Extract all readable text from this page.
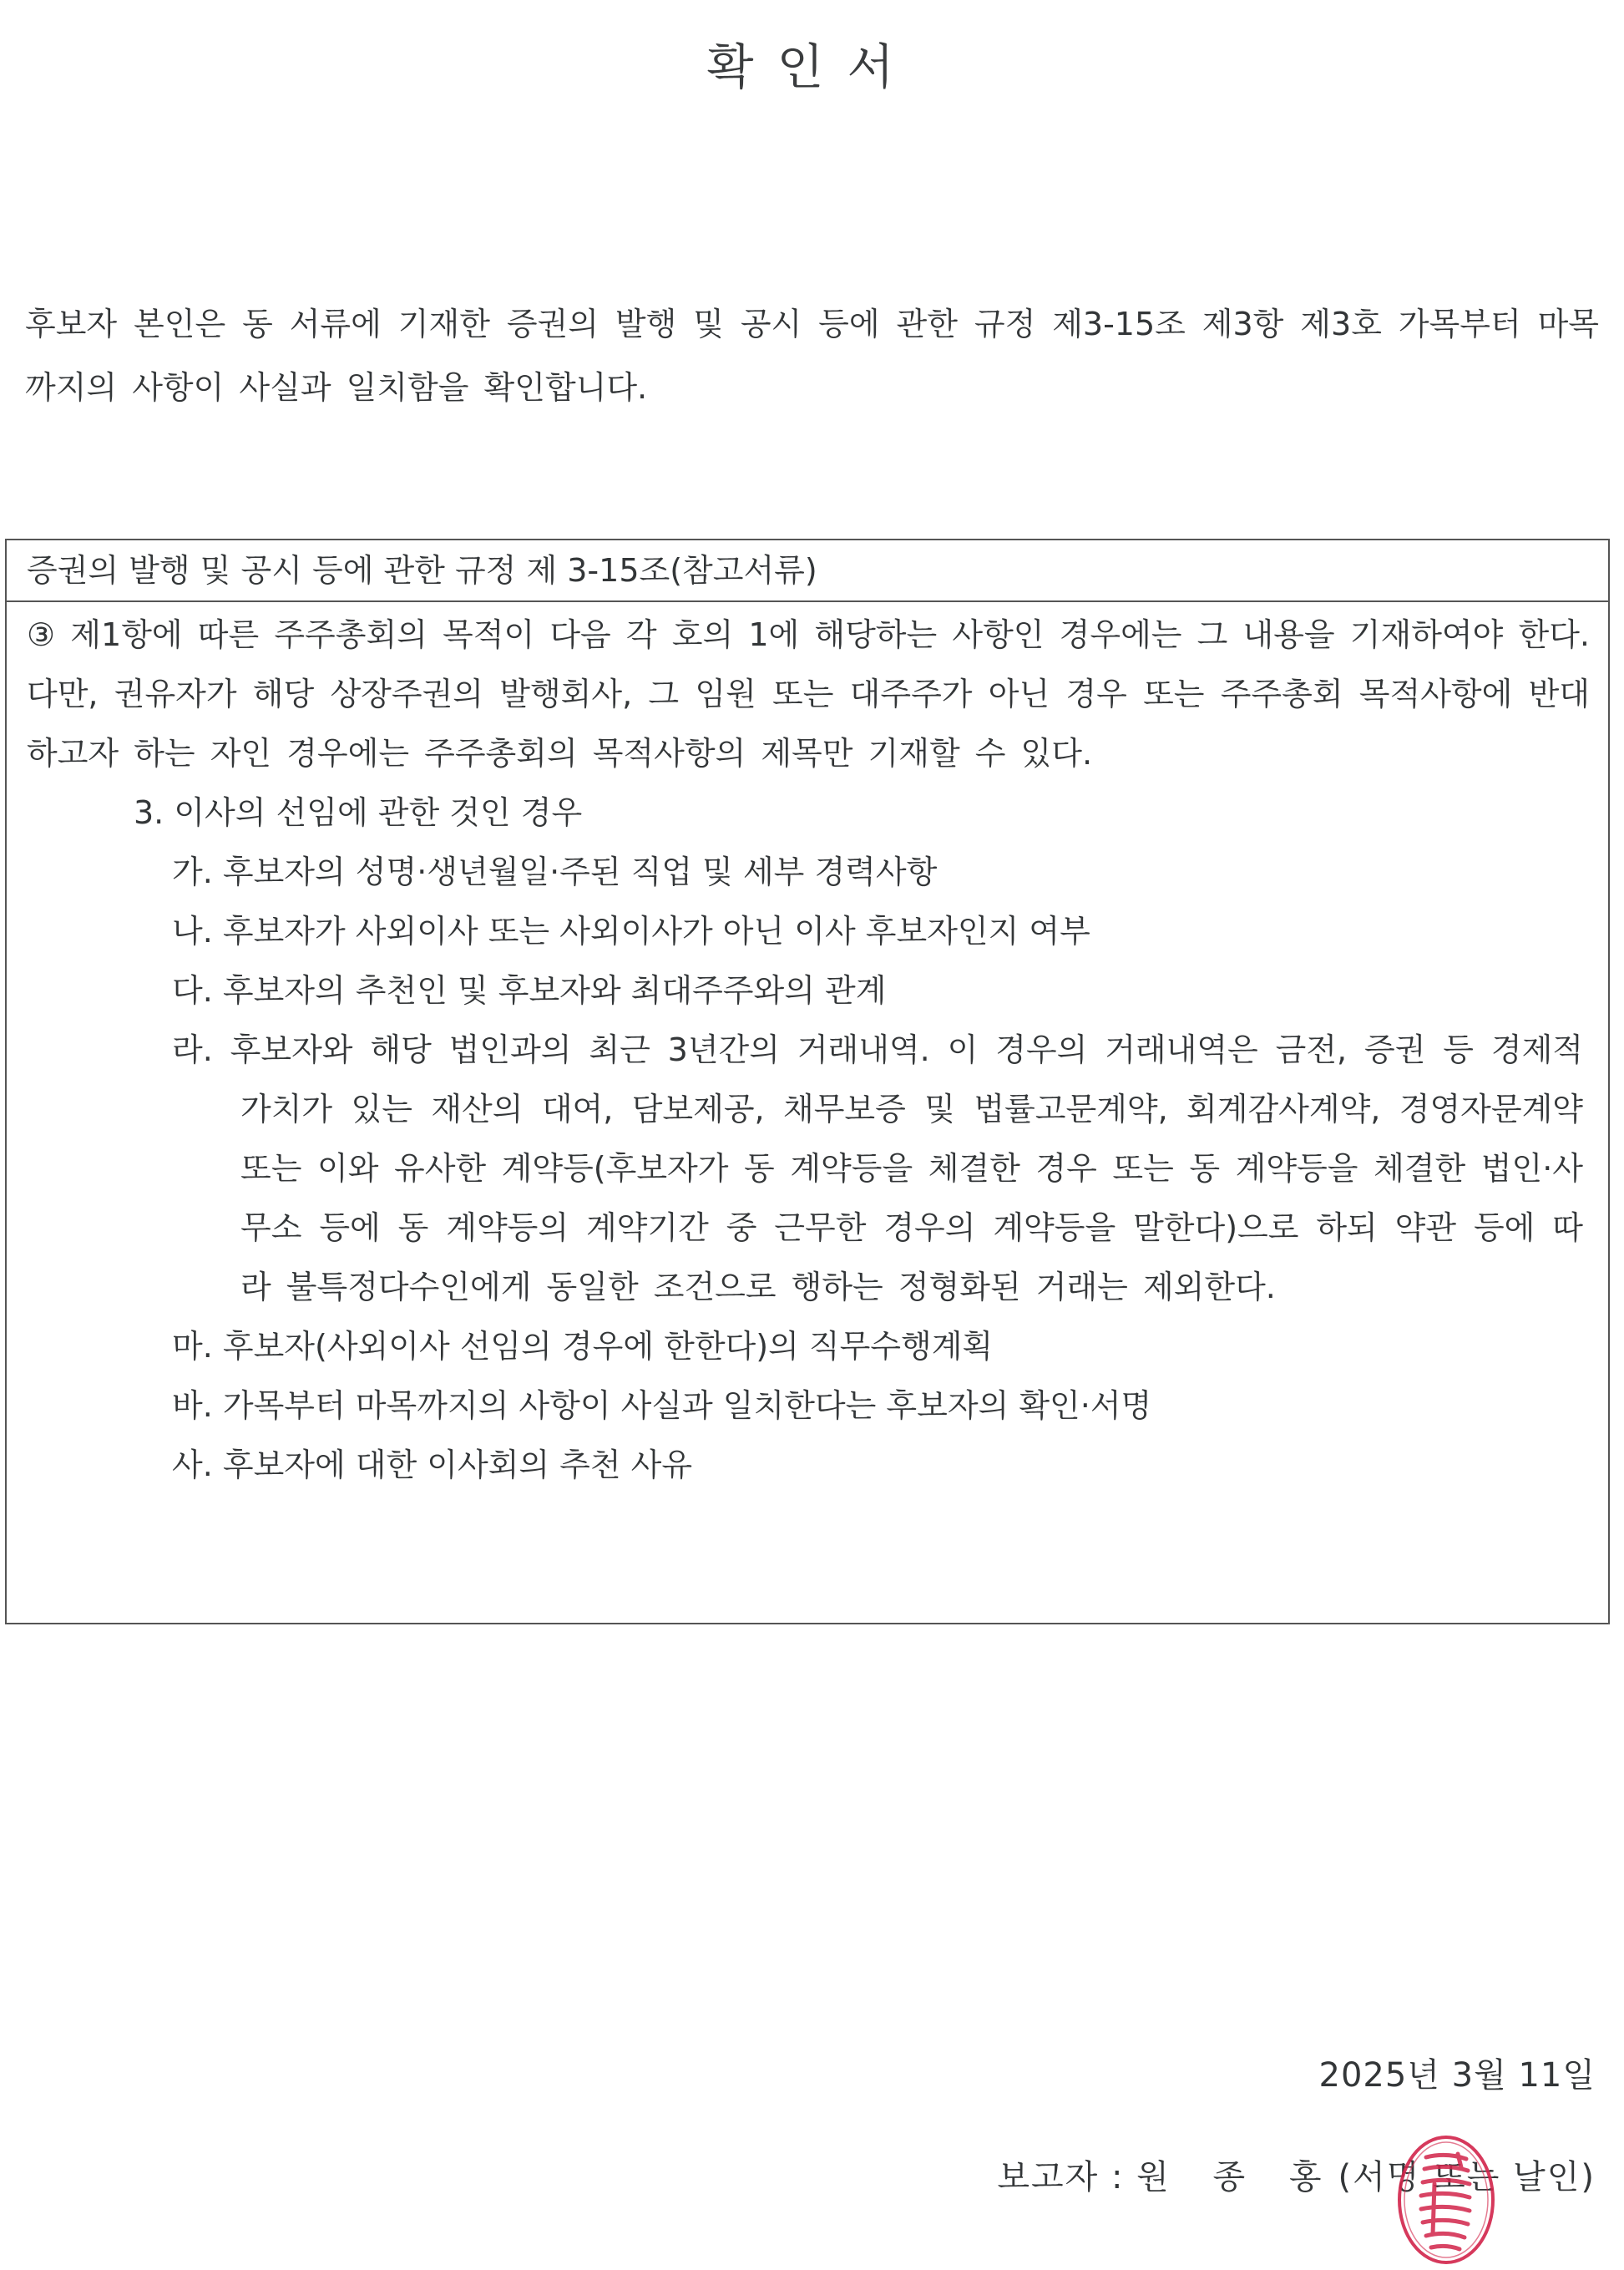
확인서

후보자 본인은 동 서류에 기재한 증권의 발행 및 공시 등에 관한 규정 제3-15조 제3항 제3호 가목부터 마목까지의 사항이 사실과 일치함을 확인합니다.

증권의 발행 및 공시 등에 관한 규정 제 3-15조(참고서류)

③ 제1항에 따른 주주총회의 목적이 다음 각 호의 1에 해당하는 사항인 경우에는 그 내용을 기재하여야 한다. 다만, 권유자가 해당 상장주권의 발행회사, 그 임원 또는 대주주가 아닌 경우 또는 주주총회 목적사항에 반대하고자 하는 자인 경우에는 주주총회의 목적사항의 제목만 기재할 수 있다.

3. 이사의 선임에 관한 것인 경우
가. 후보자의 성명·생년월일·주된 직업 및 세부 경력사항
나. 후보자가 사외이사 또는 사외이사가 아닌 이사 후보자인지 여부
다. 후보자의 추천인 및 후보자와 최대주주와의 관계
라. 후보자와 해당 법인과의 최근 3년간의 거래내역. 이 경우의 거래내역은 금전, 증권 등 경제적 가치가 있는 재산의 대여, 담보제공, 채무보증 및 법률고문계약, 회계감사계약, 경영자문계약 또는 이와 유사한 계약등(후보자가 동 계약등을 체결한 경우 또는 동 계약등을 체결한 법인·사무소 등에 동 계약등의 계약기간 중 근무한 경우의 계약등을 말한다)으로 하되 약관 등에 따라 불특정다수인에게 동일한 조건으로 행하는 정형화된 거래는 제외한다.
마. 후보자(사외이사 선임의 경우에 한한다)의 직무수행계획
바. 가목부터 마목까지의 사항이 사실과 일치한다는 후보자의 확인·서명
사. 후보자에 대한 이사회의 추천 사유
2025년 3월 11일
보고자 : 원 종 홍(서명 또는 날인)
